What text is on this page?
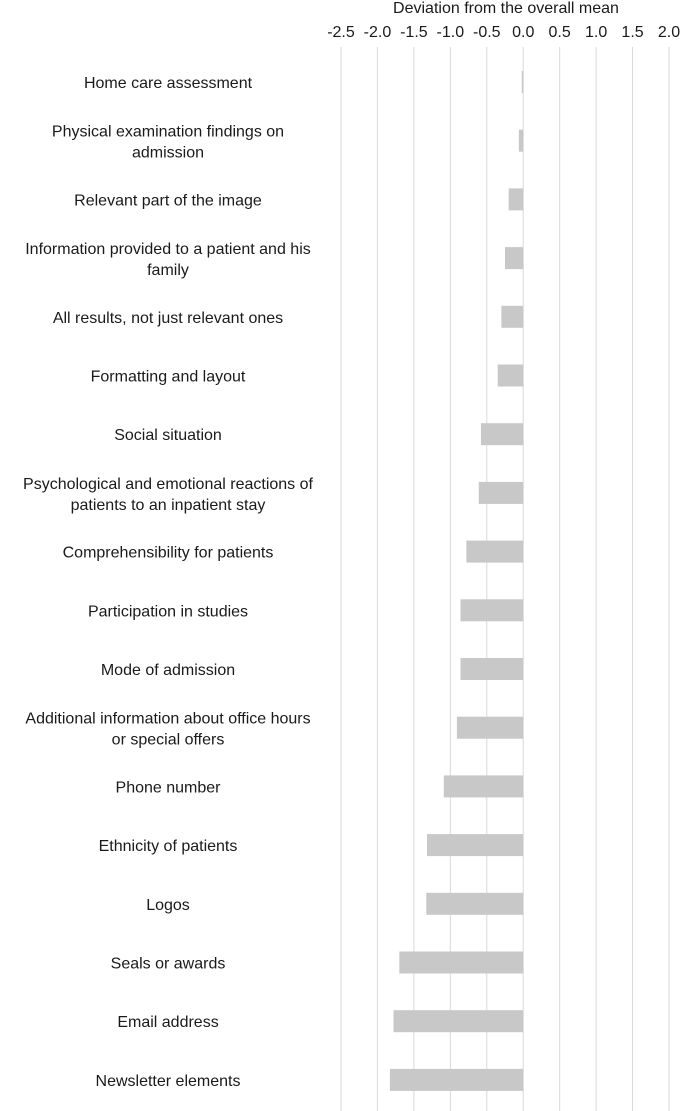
Deviation from the overall mean
-2.5 -2.0 -1.5 -1.0 -0.5 0.0 0.5 1.0 1.5 2.0
Home care assessment
Physical examination findings on
admission
Relevant part of the image
Information provided to a patient and his
family
All results, not just relevant ones
Formatting and layout
Social situation
Psychological and emotional reactions of
patients to an inpatient stay
Comprehensibility for patients
Participation in studies
Mode of admission
Additional information about office hours
or special offers
Phone number
Ethnicity of patients
Logos
Seals or awards
Email address
Newsletter elements
